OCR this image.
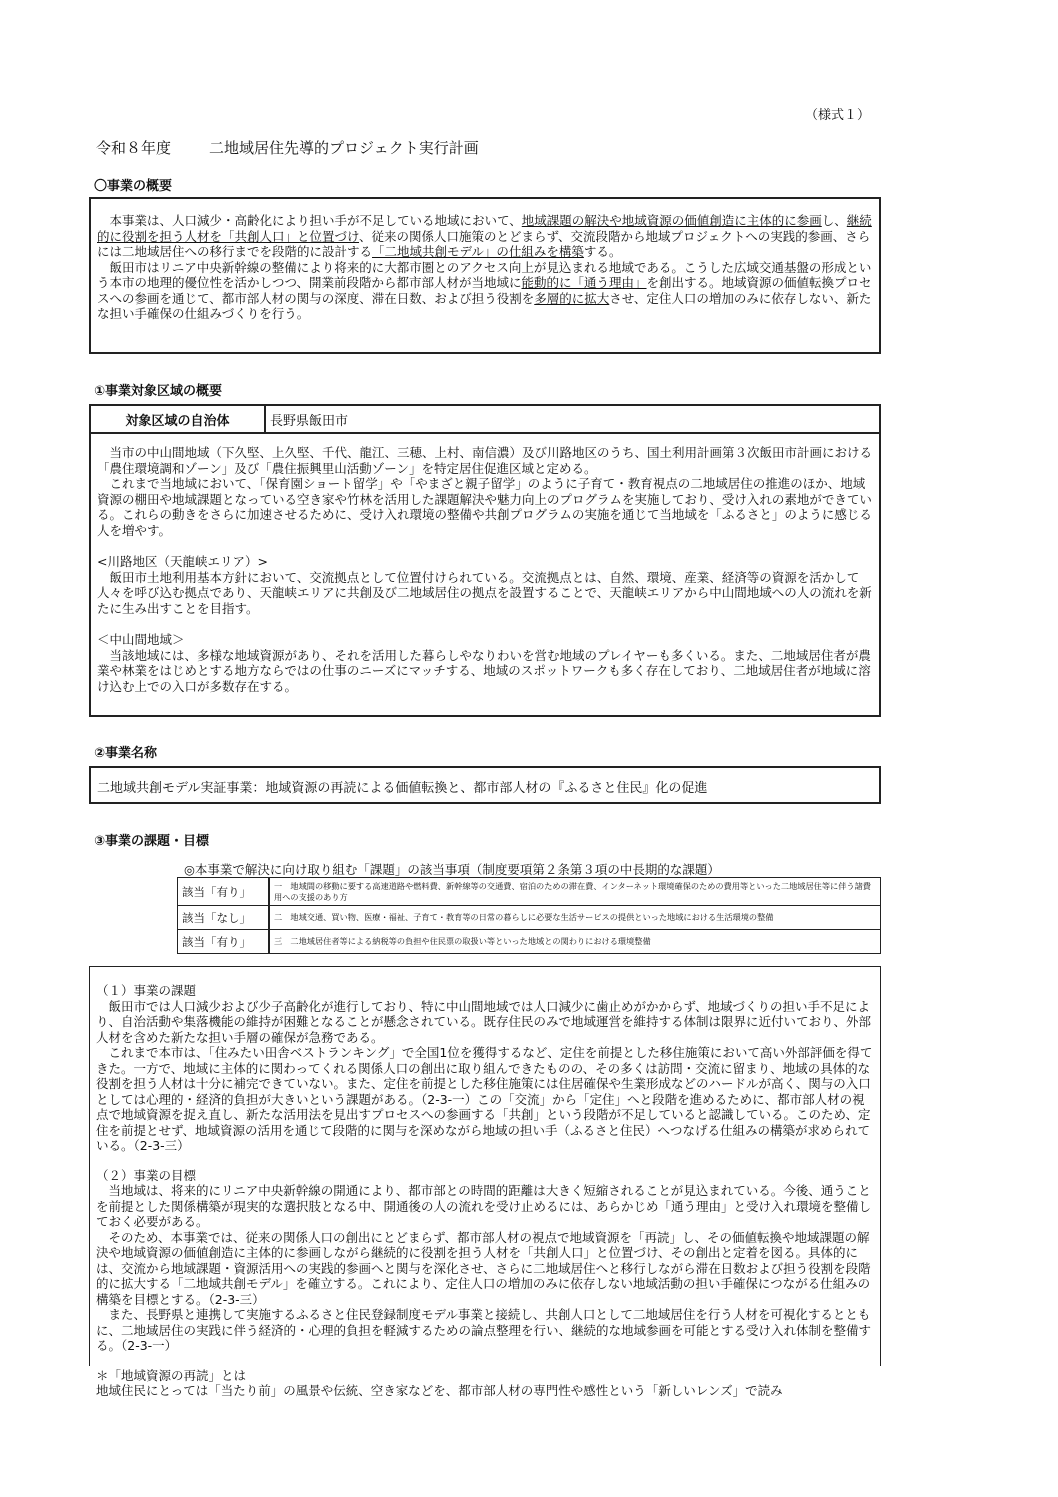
（様式１）
令和８年度	二地域居住先導的プロジェクト実行計画
〇事業の概要

　本事業は、人口減少・高齢化により担い手が不足している地域において、地域課題の解決や地域資源の価値創造に主体的に参画し、継続的に役割を担う人材を「共創人口」と位置づけ、従来の関係人口施策のとどまらず、交流段階から地域プロジェクトへの実践的参画、さらには二地域居住への移行までを段階的に設計する「二地域共創モデル」の仕組みを構築する。

　飯田市はリニア中央新幹線の整備により将来的に大都市圏とのアクセス向上が見込まれる地域である。こうした広域交通基盤の形成という本市の地理的優位性を活かしつつ、開業前段階から都市部人材が当地域に能動的に「通う理由」を創出する。地域資源の価値転換プロセスへの参画を通じて、都市部人材の関与の深度、滞在日数、および担う役割を多層的に拡大させ、定住人口の増加のみに依存しない、新たな担い手確保の仕組みづくりを行う。

①事業対象区域の概要
対象区域の自治体	長野県飯田市

　当市の中山間地域（下久堅、上久堅、千代、龍江、三穂、上村、南信濃）及び川路地区のうち、国土利用計画第３次飯田市計画における「農住環境調和ゾーン」及び「農住振興里山活動ゾーン」を特定居住促進区域と定める。

　これまで当地域において、「保育園ショート留学」や「やまざと親子留学」のように子育て・教育視点の二地域居住の推進のほか、地域資源の棚田や地域課題となっている空き家や竹林を活用した課題解決や魅力向上のプログラムを実施しており、受け入れの素地ができている。これらの動きをさらに加速させるために、受け入れ環境の整備や共創プログラムの実施を通じて当地域を「ふるさと」のように感じる人を増やす。

<川路地区（天龍峡エリア）>

　飯田市土地利用基本方針において、交流拠点として位置付けられている。交流拠点とは、自然、環境、産業、経済等の資源を活かして人々を呼び込む拠点であり、天龍峡エリアに共創及び二地域居住の拠点を設置することで、天龍峡エリアから中山間地域への人の流れを新たに生み出すことを目指す。

＜中山間地域＞

　当該地域には、多様な地域資源があり、それを活用した暮らしやなりわいを営む地域のプレイヤーも多くいる。また、二地域居住者が農業や林業をはじめとする地方ならではの仕事のニーズにマッチする、地域のスポットワークも多く存在しており、二地域居住者が地域に溶け込む上での入口が多数存在する。

②事業名称
二地域共創モデル実証事業：地域資源の再読による価値転換と、都市部人材の『ふるさと住民』化の促進
③事業の課題・目標
◎本事業で解決に向け取り組む「課題」の該当事項（制度要項第２条第３項の中長期的な課題）
該当「有り」	一　地域間の移動に要する高速道路や燃料費、新幹線等の交通費、宿泊のための滞在費、インターネット環境確保のための費用等といった二地域居住等に伴う諸費用への支援のあり方
該当「なし」	二　地域交通、買い物、医療・福祉、子育て・教育等の日常の暮らしに必要な生活サービスの提供といった地域における生活環境の整備
該当「有り」	三　二地域居住者等による納税等の負担や住民票の取扱い等といった地域との関わりにおける環境整備

（１）事業の課題

　飯田市では人口減少および少子高齢化が進行しており、特に中山間地域では人口減少に歯止めがかからず、地域づくりの担い手不足により、自治活動や集落機能の維持が困難となることが懸念されている。既存住民のみで地域運営を維持する体制は限界に近付いており、外部人材を含めた新たな担い手層の確保が急務である。

　これまで本市は、「住みたい田舎ベストランキング」で全国1位を獲得するなど、定住を前提とした移住施策において高い外部評価を得てきた。一方で、地域に主体的に関わってくれる関係人口の創出に取り組んできたものの、その多くは訪問・交流に留まり、地域の具体的な役割を担う人材は十分に補完できていない。また、定住を前提とした移住施策には住居確保や生業形成などのハードルが高く、関与の入口としては心理的・経済的負担が大きいという課題がある。（2-3-一）この「交流」から「定住」へと段階を進めるために、都市部人材の視点で地域資源を捉え直し、新たな活用法を見出すプロセスへの参画する「共創」という段階が不足していると認識している。このため、定住を前提とせず、地域資源の活用を通じて段階的に関与を深めながら地域の担い手（ふるさと住民）へつなげる仕組みの構築が求められている。（2-3-三）

（２）事業の目標

　当地域は、将来的にリニア中央新幹線の開通により、都市部との時間的距離は大きく短縮されることが見込まれている。今後、通うことを前提とした関係構築が現実的な選択肢となる中、開通後の人の流れを受け止めるには、あらかじめ「通う理由」と受け入れ環境を整備しておく必要がある。

　そのため、本事業では、従来の関係人口の創出にとどまらず、都市部人材の視点で地域資源を「再読」し、その価値転換や地域課題の解決や地域資源の価値創造に主体的に参画しながら継続的に役割を担う人材を「共創人口」と位置づけ、その創出と定着を図る。具体的には、交流から地域課題・資源活用への実践的参画へと関与を深化させ、さらに二地域居住へと移行しながら滞在日数および担う役割を段階的に拡大する「二地域共創モデル」を確立する。これにより、定住人口の増加のみに依存しない地域活動の担い手確保につながる仕組みの構築を目標とする。（2-3-三）

　また、長野県と連携して実施するふるさと住民登録制度モデル事業と接続し、共創人口として二地域居住を行う人材を可視化するとともに、二地域居住の実践に伴う経済的・心理的負担を軽減するための論点整理を行い、継続的な地域参画を可能とする受け入れ体制を整備する。（2-3-一）

＊「地域資源の再読」とは

地域住民にとっては「当たり前」の風景や伝統、空き家などを、都市部人材の専門性や感性という「新しいレンズ」で読み
